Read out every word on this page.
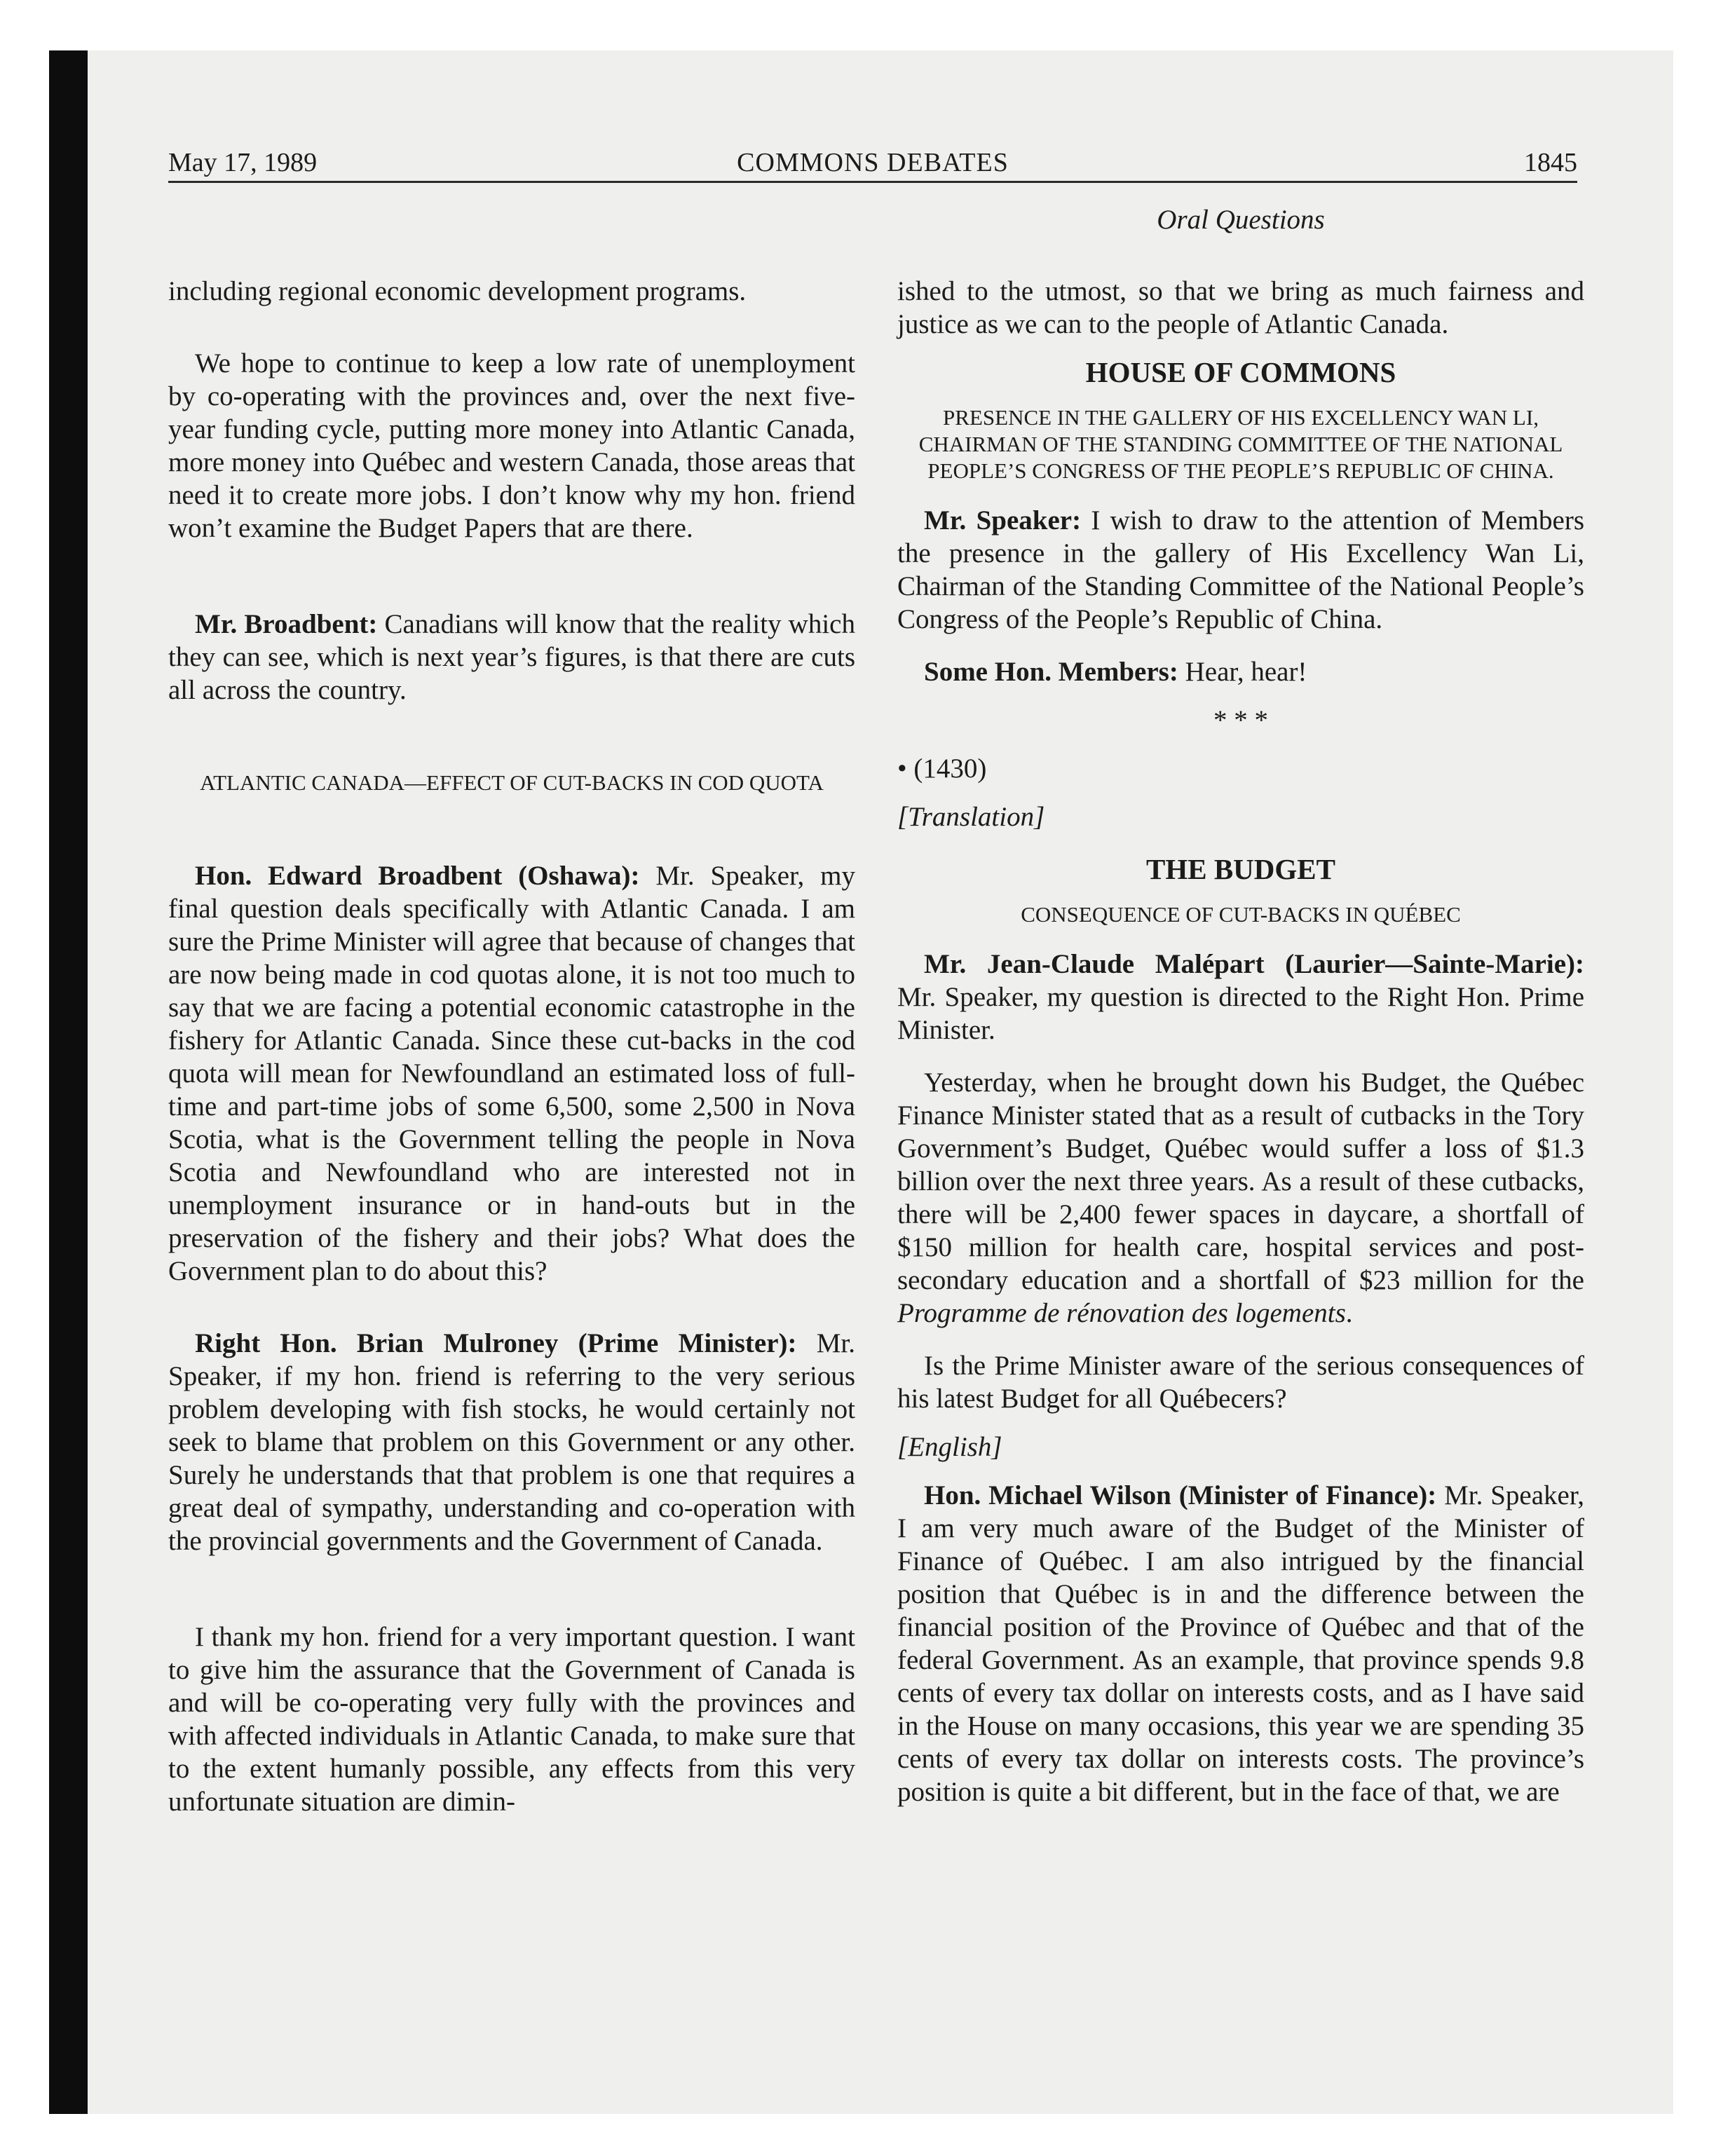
May 17, 1989	COMMONS DEBATES	1845

including regional economic development programs.

We hope to continue to keep a low rate of unemployment by co-operating with the provinces and, over the next five-year funding cycle, putting more money into Atlantic Canada, more money into Québec and western Canada, those areas that need it to create more jobs. I don’t know why my hon. friend won’t examine the Budget Papers that are there.

Mr. Broadbent: Canadians will know that the reality which they can see, which is next year’s figures, is that there are cuts all across the country.

ATLANTIC CANADA—EFFECT OF CUT-BACKS IN COD QUOTA

Hon. Edward Broadbent (Oshawa): Mr. Speaker, my final question deals specifically with Atlantic Canada. I am sure the Prime Minister will agree that because of changes that are now being made in cod quotas alone, it is not too much to say that we are facing a potential economic catastrophe in the fishery for Atlantic Canada. Since these cut-backs in the cod quota will mean for Newfoundland an estimated loss of full-time and part-time jobs of some 6,500, some 2,500 in Nova Scotia, what is the Government telling the people in Nova Scotia and Newfoundland who are interested not in unemployment insurance or in hand-outs but in the preservation of the fishery and their jobs? What does the Government plan to do about this?

Right Hon. Brian Mulroney (Prime Minister): Mr. Speaker, if my hon. friend is referring to the very serious problem developing with fish stocks, he would certainly not seek to blame that problem on this Government or any other. Surely he understands that that problem is one that requires a great deal of sympathy, understanding and co-operation with the provincial governments and the Government of Canada.

I thank my hon. friend for a very important question. I want to give him the assurance that the Government of Canada is and will be co-operating very fully with the provinces and with affected individuals in Atlantic Canada, to make sure that to the extent humanly possible, any effects from this very unfortunate situation are dimin-

Oral Questions

ished to the utmost, so that we bring as much fairness and justice as we can to the people of Atlantic Canada.

HOUSE OF COMMONS

PRESENCE IN THE GALLERY OF HIS EXCELLENCY WAN LI, CHAIRMAN OF THE STANDING COMMITTEE OF THE NATIONAL PEOPLE’S CONGRESS OF THE PEOPLE’S REPUBLIC OF CHINA.

Mr. Speaker: I wish to draw to the attention of Members the presence in the gallery of His Excellency Wan Li, Chairman of the Standing Committee of the National People’s Congress of the People’s Republic of China.

Some Hon. Members: Hear, hear!

* * *

• (1430)

[Translation]

THE BUDGET

CONSEQUENCE OF CUT-BACKS IN QUÉBEC

Mr. Jean-Claude Malépart (Laurier—Sainte-Marie): Mr. Speaker, my question is directed to the Right Hon. Prime Minister.

Yesterday, when he brought down his Budget, the Québec Finance Minister stated that as a result of cutbacks in the Tory Government’s Budget, Québec would suffer a loss of $1.3 billion over the next three years. As a result of these cutbacks, there will be 2,400 fewer spaces in daycare, a shortfall of $150 million for health care, hospital services and post-secondary education and a shortfall of $23 million for the Programme de rénovation des logements.

Is the Prime Minister aware of the serious consequences of his latest Budget for all Québecers?

[English]

Hon. Michael Wilson (Minister of Finance): Mr. Speaker, I am very much aware of the Budget of the Minister of Finance of Québec. I am also intrigued by the financial position that Québec is in and the difference between the financial position of the Province of Québec and that of the federal Government. As an example, that province spends 9.8 cents of every tax dollar on interests costs, and as I have said in the House on many occasions, this year we are spending 35 cents of every tax dollar on interests costs. The province’s position is quite a bit different, but in the face of that, we are
